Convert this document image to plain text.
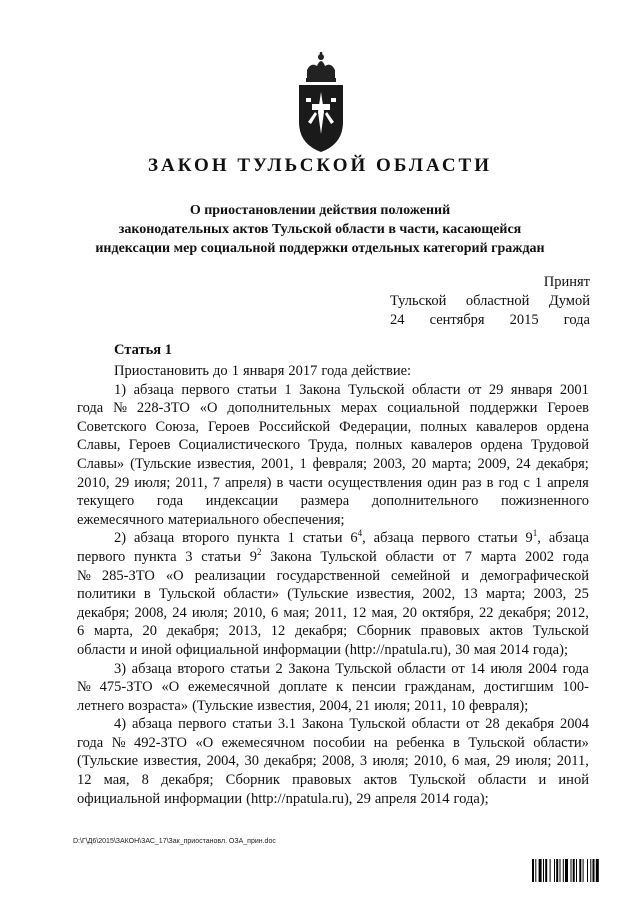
ЗАКОН ТУЛЬСКОЙ ОБЛАСТИ
О приостановлении действия положений
законодательных актов Тульской области в части, касающейся
индексации мер социальной поддержки отдельных категорий граждан
Принят
Тульской областной Думой
24 сентября 2015 года
Статья 1
Приостановить до 1 января 2017 года действие:
1) абзаца первого статьи 1 Закона Тульской области от 29 января 2001
года № 228-ЗТО «О дополнительных мерах социальной поддержки Героев
Советского Союза, Героев Российской Федерации, полных кавалеров ордена
Славы, Героев Социалистического Труда, полных кавалеров ордена Трудовой
Славы» (Тульские известия, 2001, 1 февраля; 2003, 20 марта; 2009, 24 декабря;
2010, 29 июля; 2011, 7 апреля) в части осуществления один раз в год с 1 апреля
текущего года индексации размера дополнительного пожизненного
ежемесячного материального обеспечения;
2) абзаца второго пункта 1 статьи $6^4$, абзаца первого статьи $9^1$, абзаца
первого пункта 3 статьи $9^2$ Закона Тульской области от 7 марта 2002 года
№ 285-ЗТО «О реализации государственной семейной и демографической
политики в Тульской области» (Тульские известия, 2002, 13 марта; 2003, 25
декабря; 2008, 24 июля; 2010, 6 мая; 2011, 12 мая, 20 октября, 22 декабря; 2012,
6 марта, 20 декабря; 2013, 12 декабря; Сборник правовых актов Тульской
области и иной официальной информации (http://npatula.ru), 30 мая 2014 года);
3) абзаца второго статьи 2 Закона Тульской области от 14 июля 2004 года
№ 475-ЗТО «О ежемесячной доплате к пенсии гражданам, достигшим 100-
летнего возраста» (Тульские известия, 2004, 21 июля; 2011, 10 февраля);
4) абзаца первого статьи 3.1 Закона Тульской области от 28 декабря 2004
года № 492-ЗТО «О ежемесячном пособии на ребенка в Тульской области»
(Тульские известия, 2004, 30 декабря; 2008, 3 июля; 2010, 6 мая, 29 июля; 2011,
12 мая, 8 декабря; Сборник правовых актов Тульской области и иной
официальной информации (http://npatula.ru), 29 апреля 2014 года);
D:\Г\Д6\2015\ЗАКОН\ЗАС_17\Зак_приостановл. ОЗА_прин.doc
